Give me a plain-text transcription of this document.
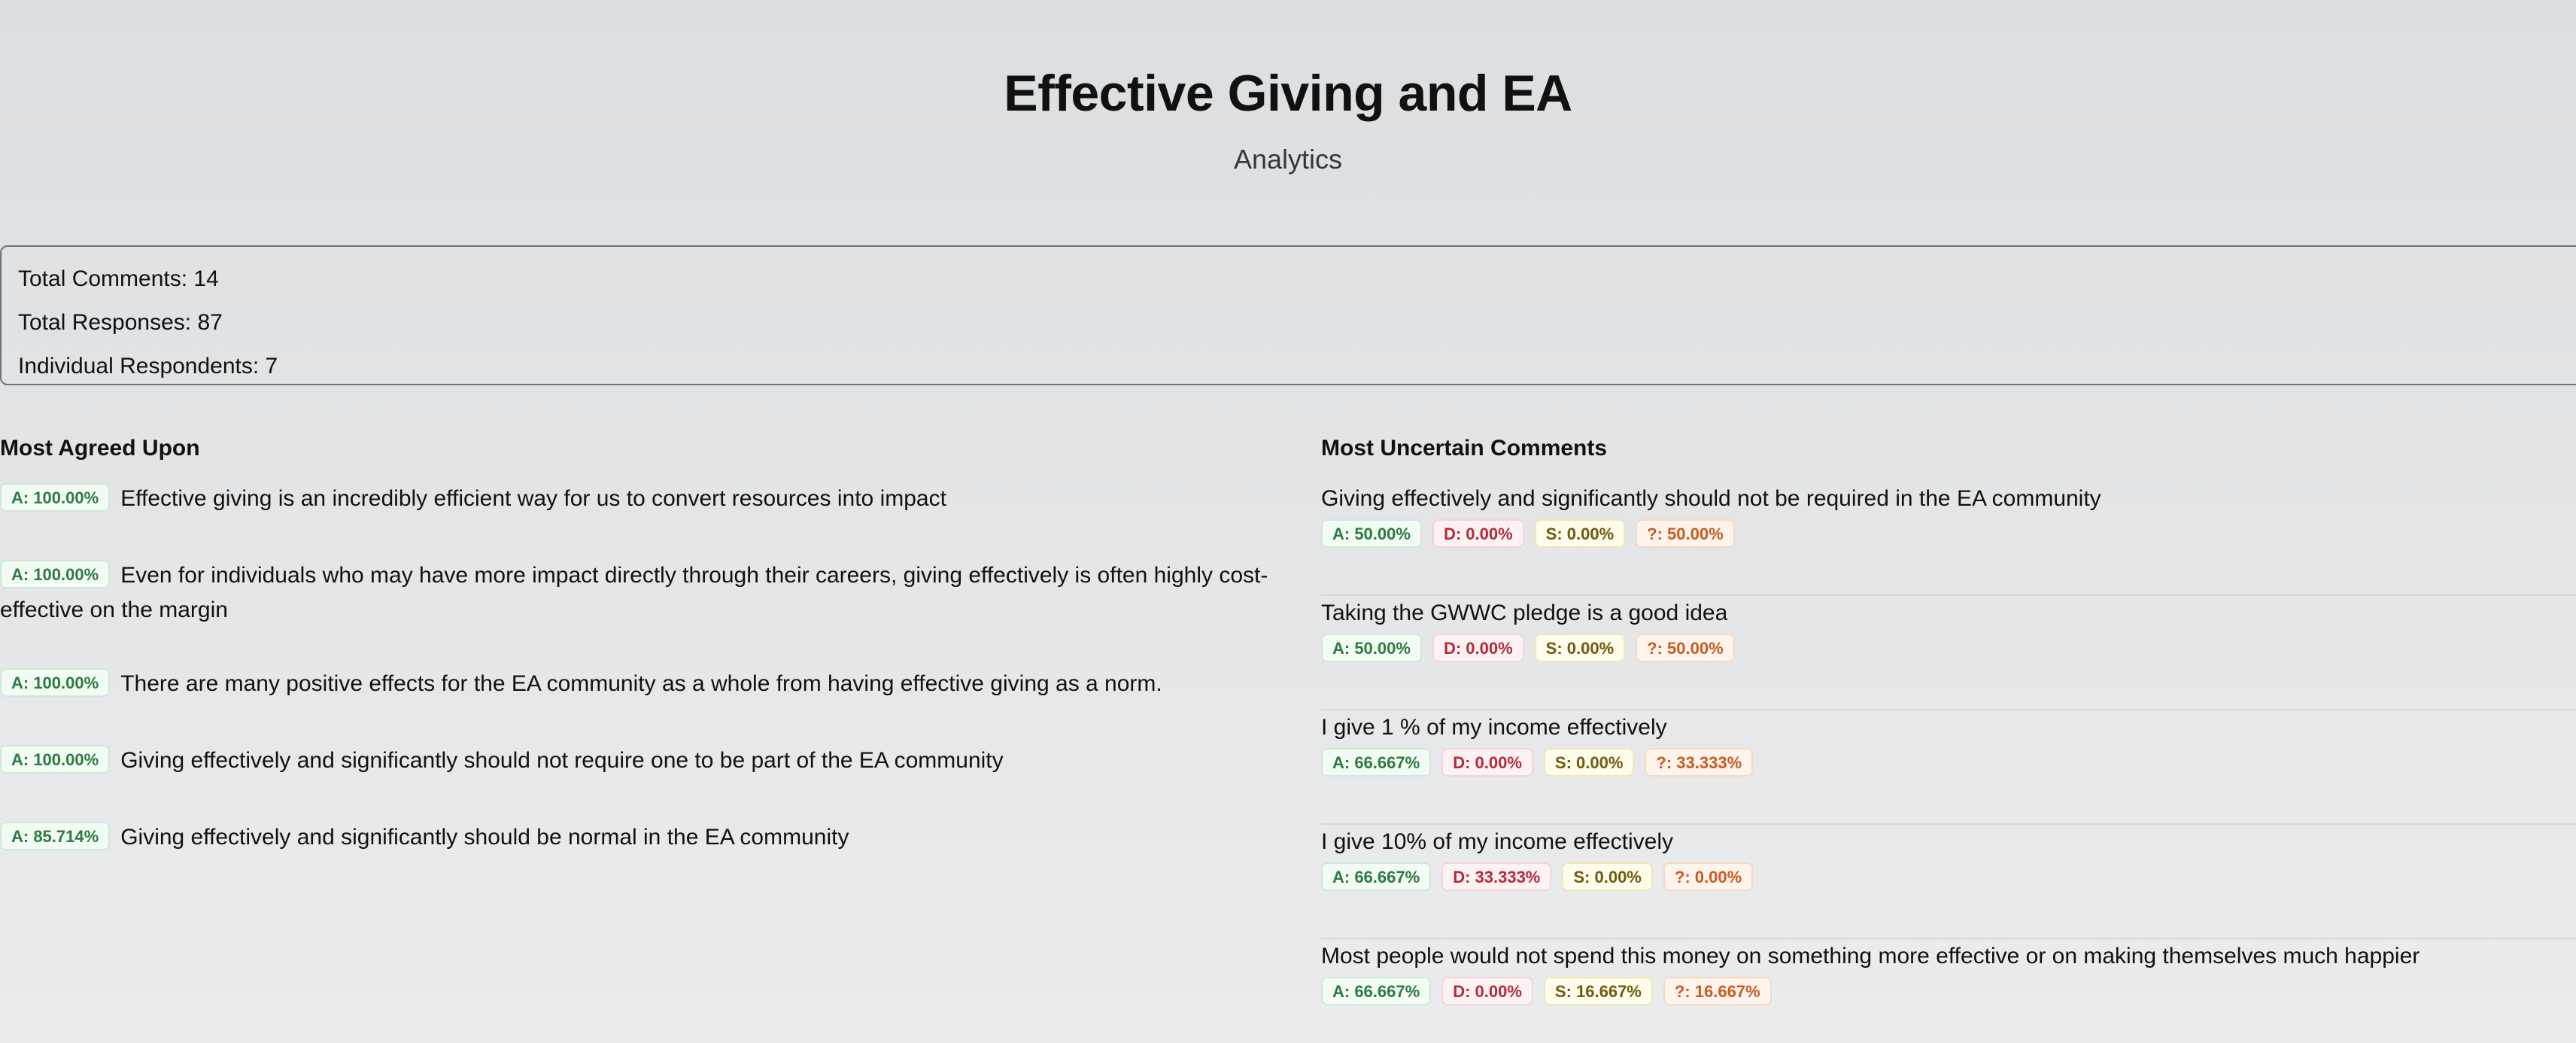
Effective Giving and EA
Analytics
Total Comments: 14
Total Responses: 87
Individual Respondents: 7
Most Agreed Upon
A: 100.00% Effective giving is an incredibly efficient way for us to convert resources into impact
A: 100.00% Even for individuals who may have more impact directly through their careers, giving effectively is often highly cost-effective on the margin
A: 100.00% There are many positive effects for the EA community as a whole from having effective giving as a norm.
A: 100.00% Giving effectively and significantly should not require one to be part of the EA community
A: 85.714% Giving effectively and significantly should be normal in the EA community
Most Uncertain Comments
Giving effectively and significantly should not be required in the EA community
A: 50.00% D: 0.00% S: 0.00% ?: 50.00%
Taking the GWWC pledge is a good idea
A: 50.00% D: 0.00% S: 0.00% ?: 50.00%
I give 1 % of my income effectively
A: 66.667% D: 0.00% S: 0.00% ?: 33.333%
I give 10% of my income effectively
A: 66.667% D: 33.333% S: 0.00% ?: 0.00%
Most people would not spend this money on something more effective or on making themselves much happier
A: 66.667% D: 0.00% S: 16.667% ?: 16.667%
